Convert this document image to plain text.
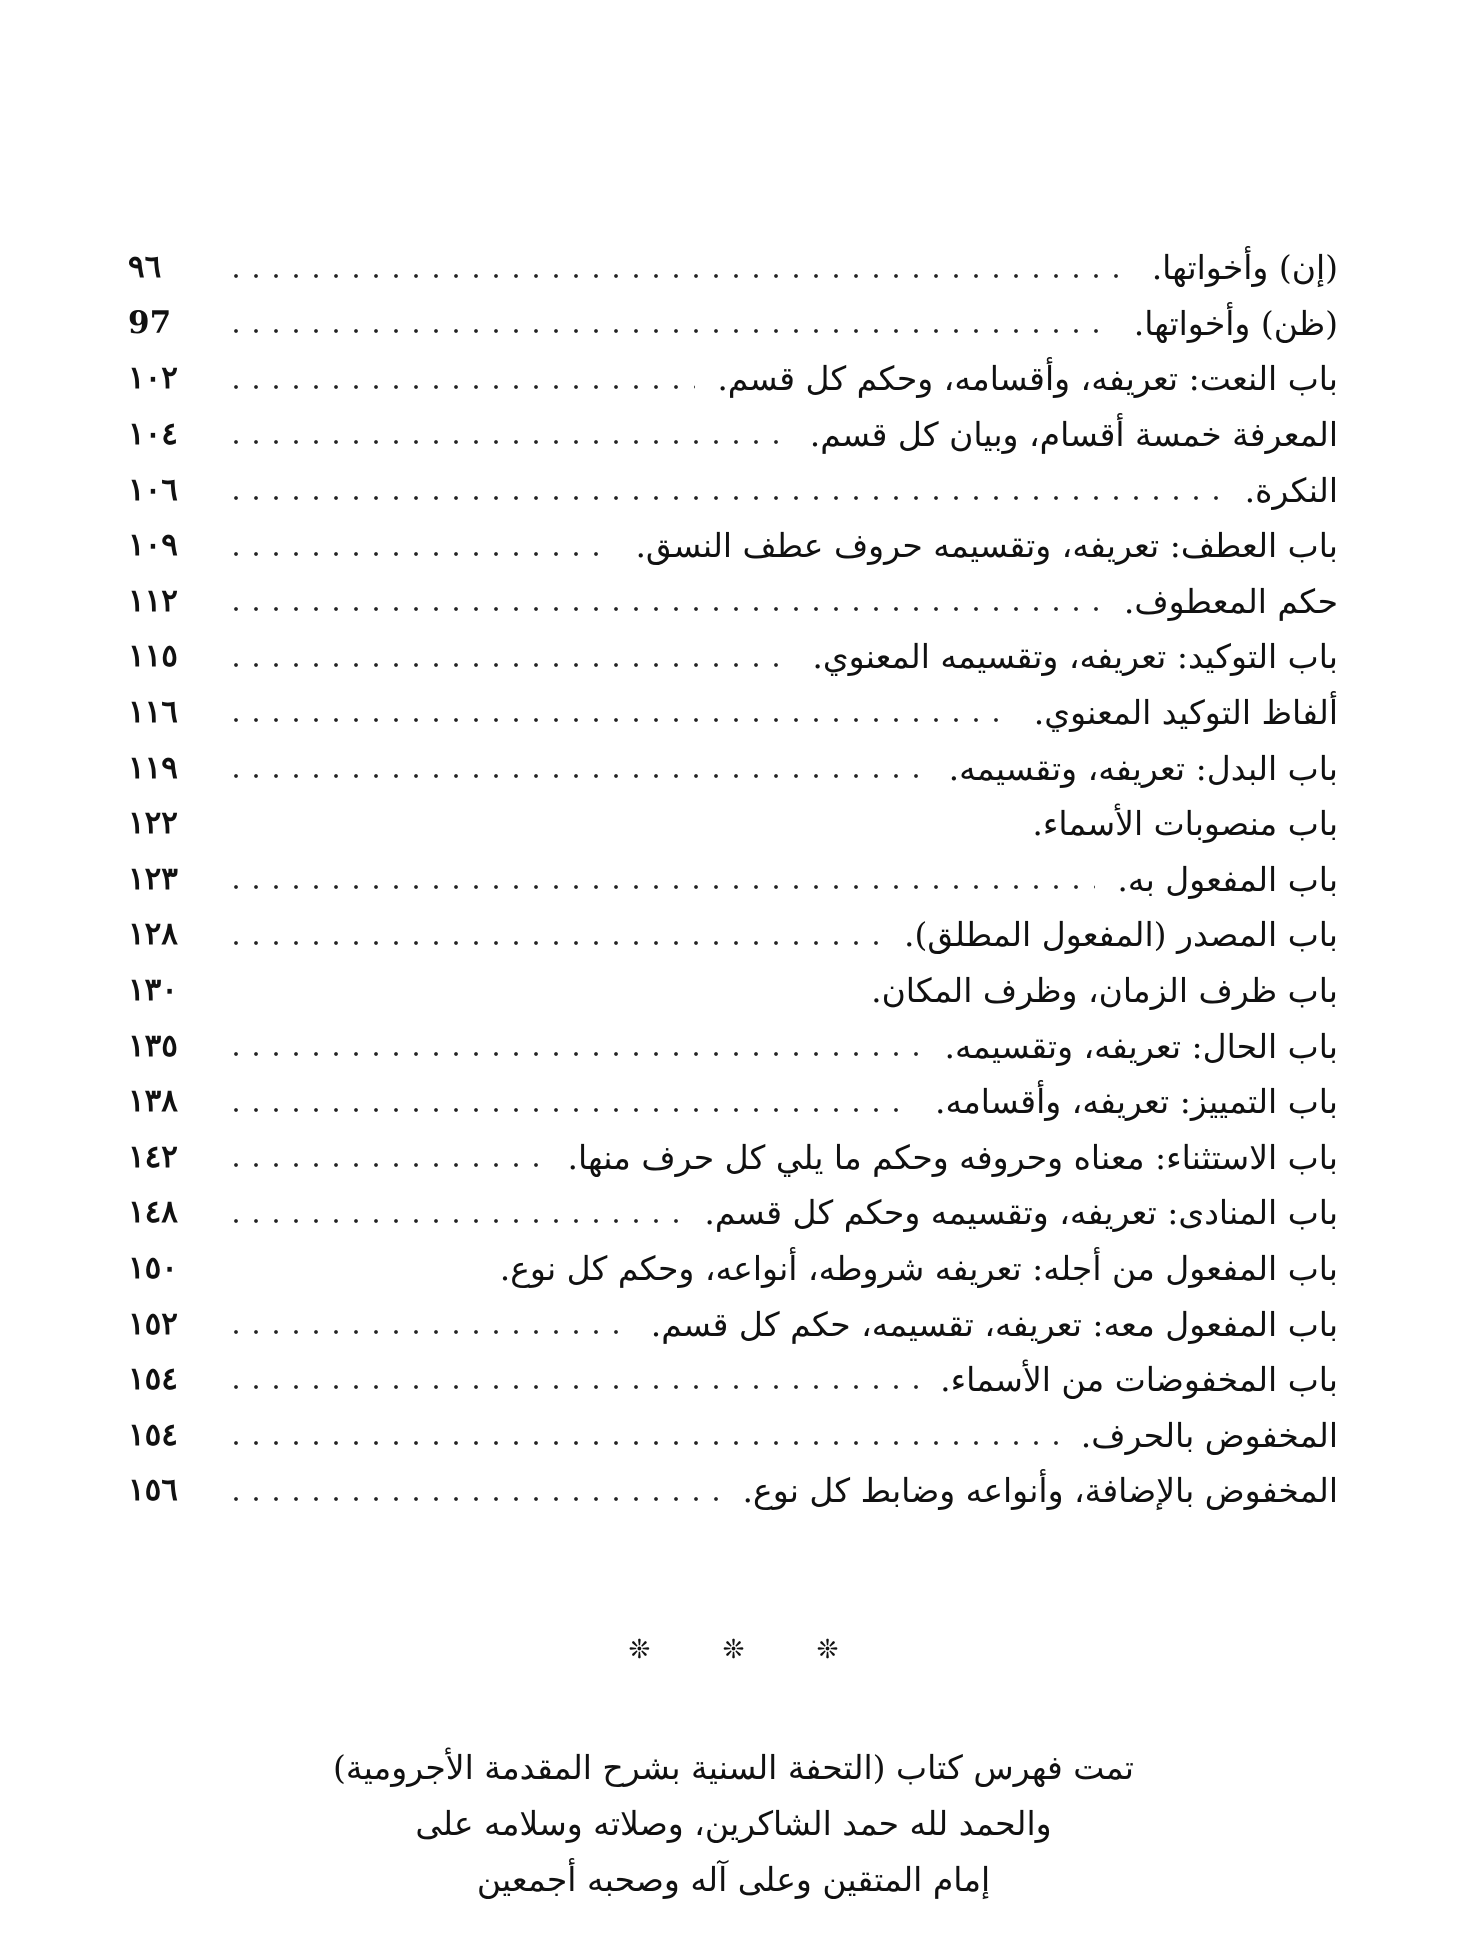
٩٦	(إن) وأخواتها.
97	(ظن) وأخواتها.
١٠٢	باب النعت: تعريفه، وأقسامه، وحكم كل قسم.
١٠٤	المعرفة خمسة أقسام، وبيان كل قسم.
١٠٦	النكرة.
١٠٩	باب العطف: تعريفه، وتقسيمه حروف عطف النسق.
١١٢	حكم المعطوف.
١١٥	باب التوكيد: تعريفه، وتقسيمه المعنوي.
١١٦	ألفاظ التوكيد المعنوي.
١١٩	باب البدل: تعريفه، وتقسيمه.
١٢٢	باب منصوبات الأسماء.
١٢٣	باب المفعول به.
١٢٨	باب المصدر (المفعول المطلق).
١٣٠	باب ظرف الزمان، وظرف المكان.
١٣٥	باب الحال: تعريفه، وتقسيمه.
١٣٨	باب التمييز: تعريفه، وأقسامه.
١٤٢	باب الاستثناء: معناه وحروفه وحكم ما يلي كل حرف منها.
١٤٨	باب المنادى: تعريفه، وتقسيمه وحكم كل قسم.
١٥٠	باب المفعول من أجله: تعريفه شروطه، أنواعه، وحكم كل نوع.
١٥٢	باب المفعول معه: تعريفه، تقسيمه، حكم كل قسم.
١٥٤	باب المخفوضات من الأسماء.
١٥٤	المخفوض بالحرف.
١٥٦	المخفوض بالإضافة، وأنواعه وضابط كل نوع.
❊	❊	❊
تمت فهرس كتاب (التحفة السنية بشرح المقدمة الأجرومية)
والحمد لله حمد الشاكرين، وصلاته وسلامه على
إمام المتقين وعلى آله وصحبه أجمعين
